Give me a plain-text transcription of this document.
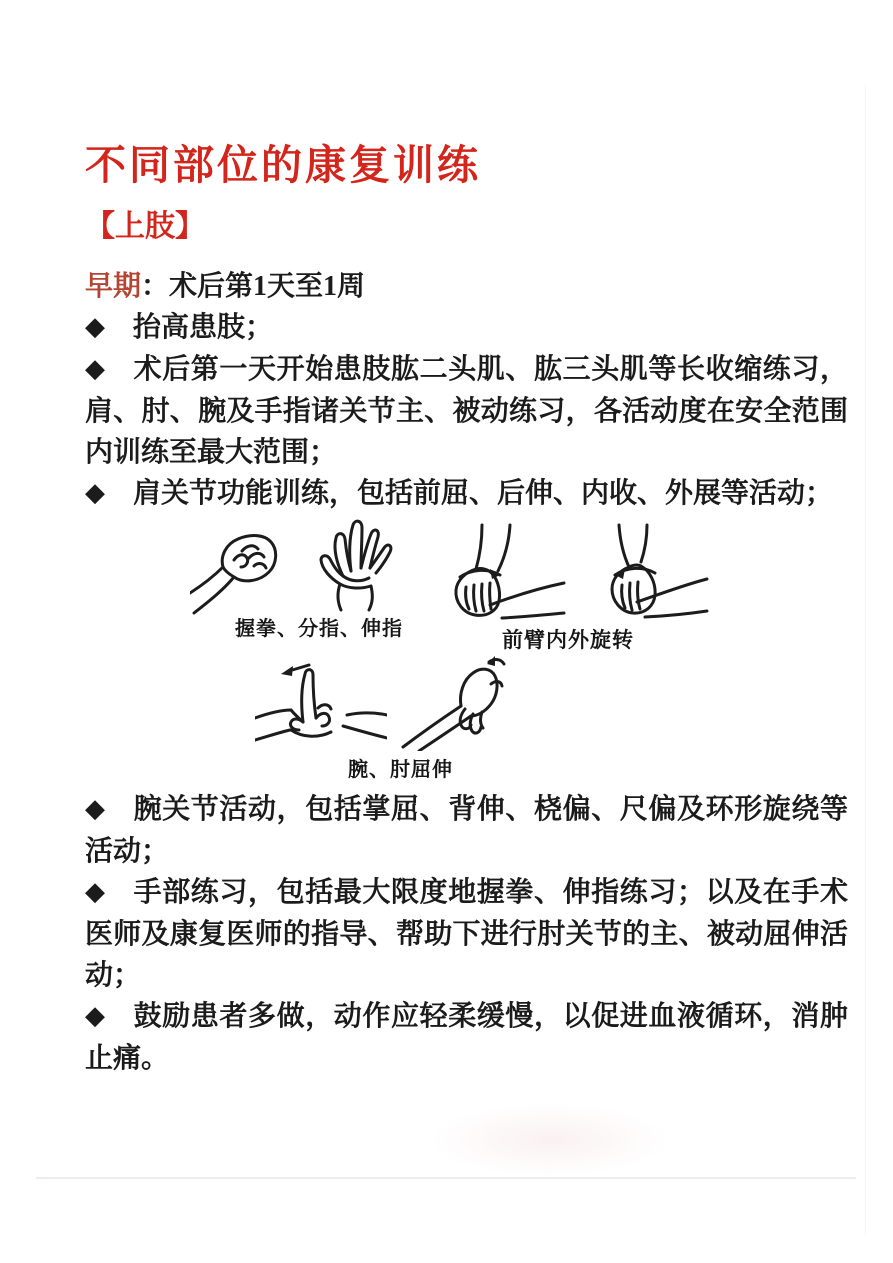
不同部位的康复训练
【上肢】

早期：术后第1天至1周

◆ 抬高患肢；

◆ 术后第一天开始患肢肱二头肌、肱三头肌等长收缩练习，肩、肘、腕及手指诸关节主、被动练习，各活动度在安全范围内训练至最大范围；

◆ 肩关节功能训练，包括前屈、后伸、内收、外展等活动；

握拳、分指、伸指	前臂内外旋转
腕、肘屈伸

◆ 腕关节活动，包括掌屈、背伸、桡偏、尺偏及环形旋绕等活动；

◆ 手部练习，包括最大限度地握拳、伸指练习；以及在手术医师及康复医师的指导、帮助下进行肘关节的主、被动屈伸活动；

◆ 鼓励患者多做，动作应轻柔缓慢，以促进血液循环，消肿止痛。
